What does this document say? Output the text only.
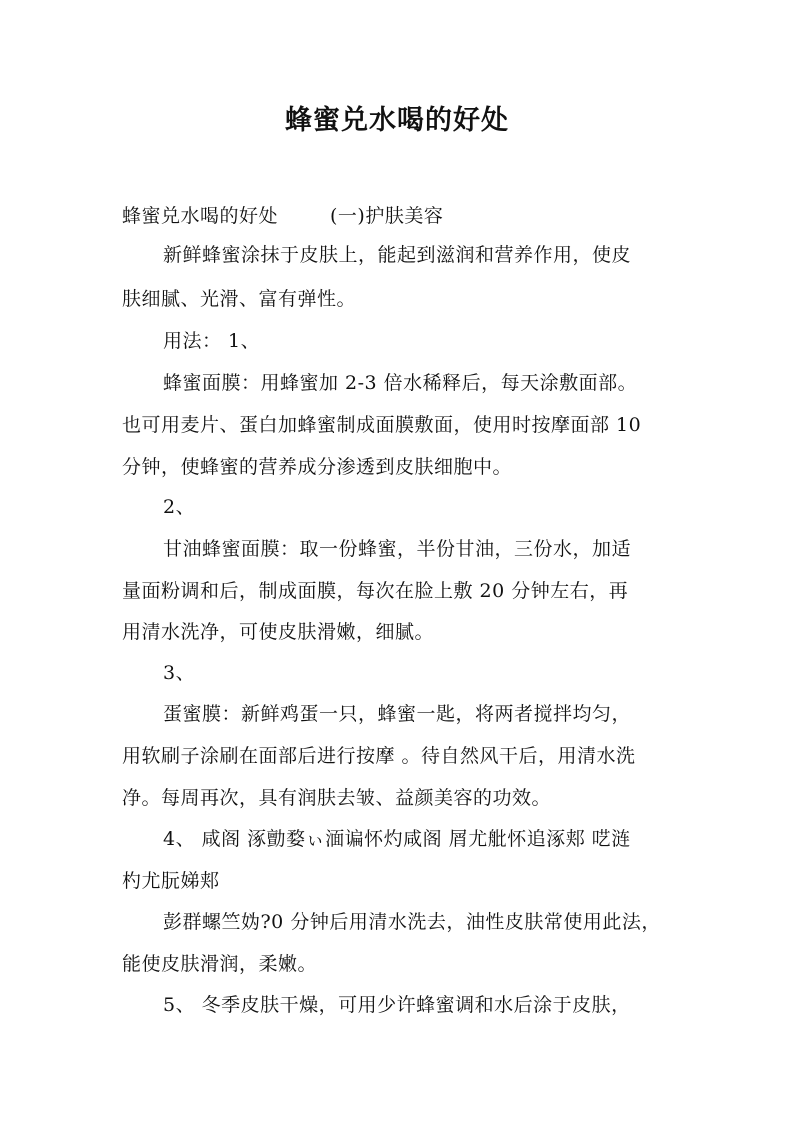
蜂蜜兑水喝的好处
蜂蜜兑水喝的好处	(一)护肤美容
新鲜蜂蜜涂抹于皮肤上，能起到滋润和营养作用，使皮
肤细腻、光滑、富有弹性。
用法： 1、
蜂蜜面膜：用蜂蜜加 2-3 倍水稀释后，每天涂敷面部。
也可用麦片、蛋白加蜂蜜制成面膜敷面，使用时按摩面部 10
分钟，使蜂蜜的营养成分渗透到皮肤细胞中。
2、
甘油蜂蜜面膜：取一份蜂蜜，半份甘油，三份水，加适
量面粉调和后，制成面膜，每次在脸上敷 20 分钟左右，再
用清水洗净，可使皮肤滑嫩，细腻。
3、
蛋蜜膜：新鲜鸡蛋一只，蜂蜜一匙，将两者搅拌均匀，
用软刷子涂刷在面部后进行按摩 。待自然风干后，用清水洗
净。每周再次，具有润肤去皱、益颜美容的功效。
4、 咸阁 涿勯婺ぃ湎谝怀灼咸阁 屑尤舭怀追涿郏 呓涟
杓尤朊娣郏
彭群螺竺妫?0 分钟后用清水洗去，油性皮肤常使用此法，
能使皮肤滑润，柔嫩。
5、 冬季皮肤干燥，可用少许蜂蜜调和水后涂于皮肤，
